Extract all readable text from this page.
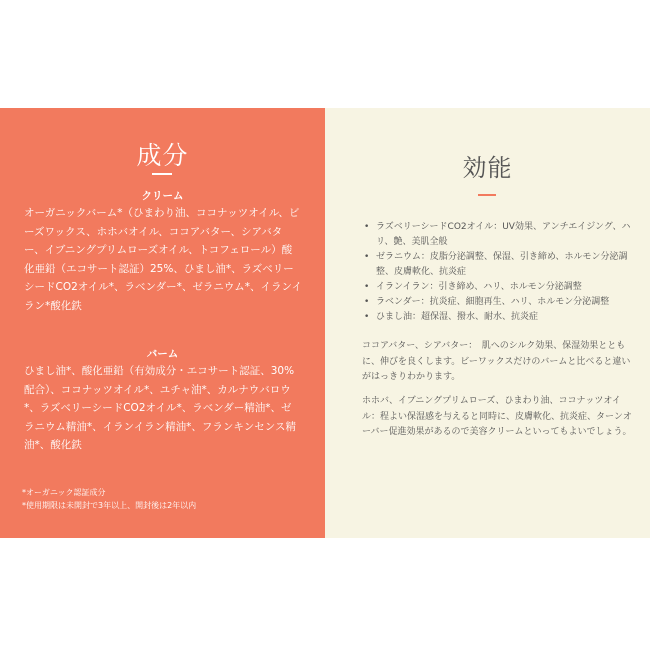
成分
クリーム

オーガニックバーム*（ひまわり油、ココナッツオイル、ビーズワックス、ホホバオイル、ココアバター、シアバター、イブニングプリムローズオイル、トコフェロール）酸化亜鉛（エコサート認証）25%、ひまし油*、ラズベリーシードCO2オイル*、ラベンダー*、ゼラニウム*、イランイラン*酸化鉄

バーム

ひまし油*、酸化亜鉛（有効成分・エコサート認証、30%配合）、ココナッツオイル*、ユチャ油*、カルナウバロウ*、ラズベリーシードCO2オイル*、ラベンダー精油*、ゼラニウム精油*、イランイラン精油*、フランキンセンス精油*、酸化鉄

*オーガニック認証成分
*使用期限は未開封で3年以上、開封後は2年以内
効能
• ラズベリーシードCO2オイル：UV効果、アンチエイジング、ハリ、艶、美肌全般
• ゼラニウム：皮脂分泌調整、保湿、引き締め、ホルモン分泌調整、皮膚軟化、抗炎症
• イランイラン：引き締め、ハリ、ホルモン分泌調整
• ラベンダー：抗炎症、細胞再生、ハリ、ホルモン分泌調整
• ひまし油：超保湿、撥水、耐水、抗炎症

ココアバター、シアバター：　肌へのシルク効果、保湿効果とともに、伸びを良くします。ビーワックスだけのバームと比べると違いがはっきりわかります。

ホホバ、イブニングプリムローズ、ひまわり油、ココナッツオイル：程よい保湿感を与えると同時に、皮膚軟化、抗炎症、ターンオーバー促進効果があるので美容クリームといってもよいでしょう。
